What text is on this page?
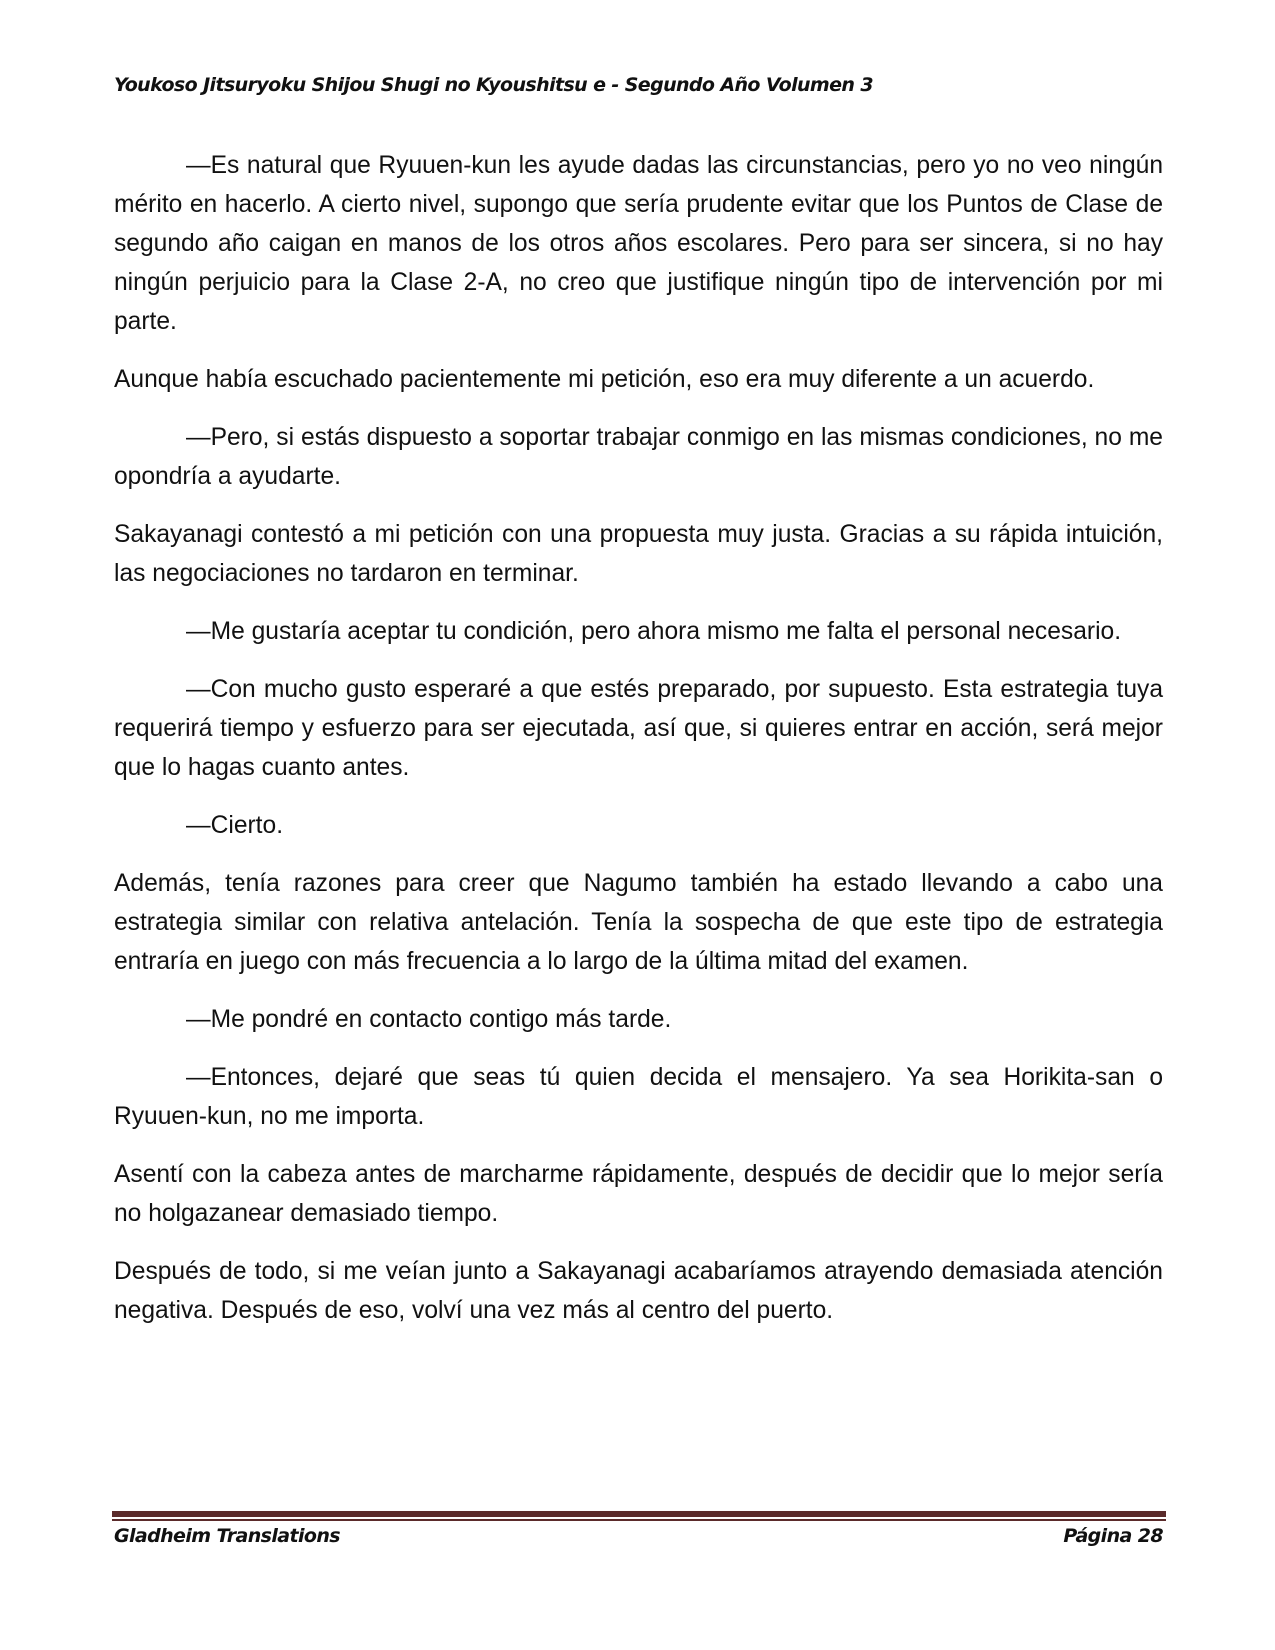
Youkoso Jitsuryoku Shijou Shugi no Kyoushitsu e - Segundo Año Volumen 3

—Es natural que Ryuuen-kun les ayude dadas las circunstancias, pero yo no veo ningún mérito en hacerlo. A cierto nivel, supongo que sería prudente evitar que los Puntos de Clase de segundo año caigan en manos de los otros años escolares. Pero para ser sincera, si no hay ningún perjuicio para la Clase 2-A, no creo que justifique ningún tipo de intervención por mi parte.

Aunque había escuchado pacientemente mi petición, eso era muy diferente a un acuerdo.

—Pero, si estás dispuesto a soportar trabajar conmigo en las mismas condiciones, no me opondría a ayudarte.

Sakayanagi contestó a mi petición con una propuesta muy justa. Gracias a su rápida intuición, las negociaciones no tardaron en terminar.

—Me gustaría aceptar tu condición, pero ahora mismo me falta el personal necesario.

—Con mucho gusto esperaré a que estés preparado, por supuesto. Esta estrategia tuya requerirá tiempo y esfuerzo para ser ejecutada, así que, si quieres entrar en acción, será mejor que lo hagas cuanto antes.

—Cierto.

Además, tenía razones para creer que Nagumo también ha estado llevando a cabo una estrategia similar con relativa antelación. Tenía la sospecha de que este tipo de estrategia entraría en juego con más frecuencia a lo largo de la última mitad del examen.

—Me pondré en contacto contigo más tarde.

—Entonces, dejaré que seas tú quien decida el mensajero. Ya sea Horikita-san o Ryuuen-kun, no me importa.

Asentí con la cabeza antes de marcharme rápidamente, después de decidir que lo mejor sería no holgazanear demasiado tiempo.

Después de todo, si me veían junto a Sakayanagi acabaríamos atrayendo demasiada atención negativa. Después de eso, volví una vez más al centro del puerto.

Gladheim Translations	Página 28
